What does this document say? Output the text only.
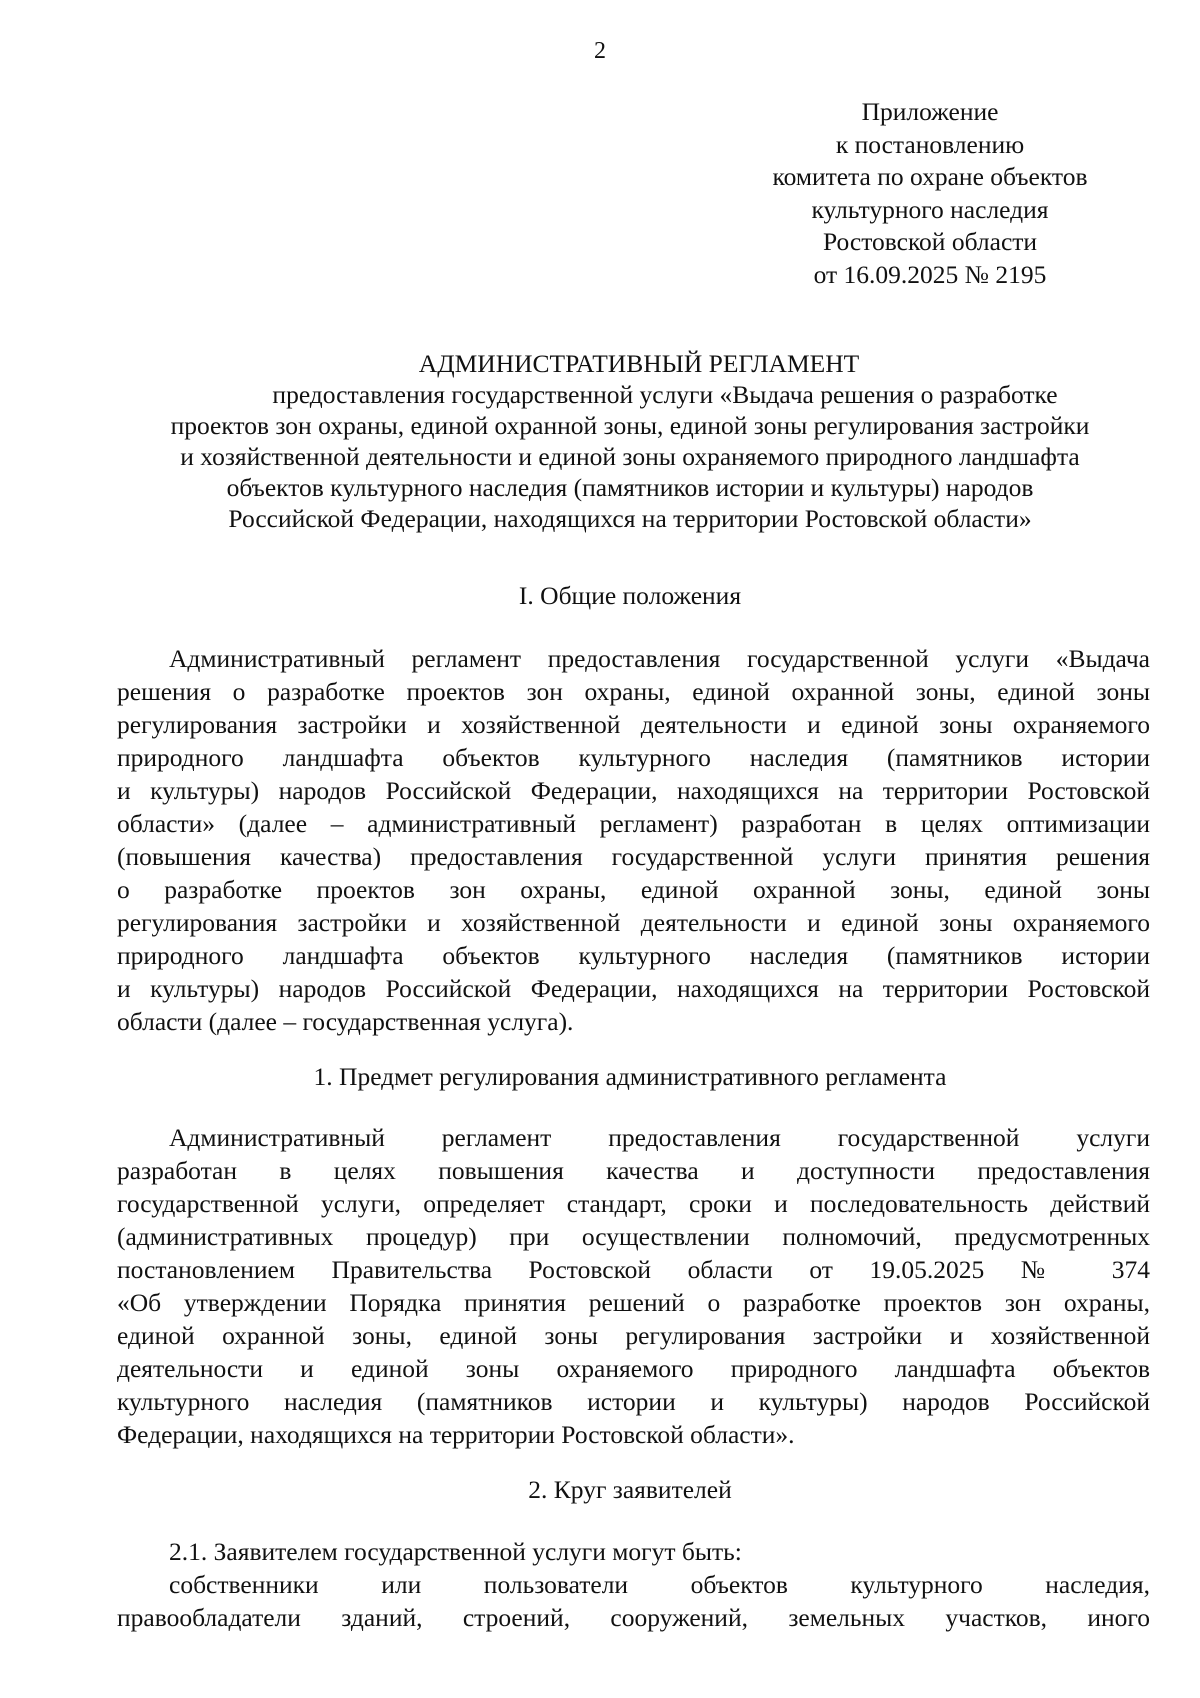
2
Приложение
к постановлению
комитета по охране объектов
культурного наследия
Ростовской области
от 16.09.2025 № 2195
АДМИНИСТРАТИВНЫЙ РЕГЛАМЕНТ
предоставления государственной услуги «Выдача решения о разработке
проектов зон охраны, единой охранной зоны, единой зоны регулирования застройки
и хозяйственной деятельности и единой зоны охраняемого природного ландшафта
объектов культурного наследия (памятников истории и культуры) народов
Российской Федерации, находящихся на территории Ростовской области»
I. Общие положения
Административный регламент предоставления государственной услуги «Выдача
решения о разработке проектов зон охраны, единой охранной зоны, единой зоны
регулирования застройки и хозяйственной деятельности и единой зоны охраняемого
природного ландшафта объектов культурного наследия (памятников истории
и культуры) народов Российской Федерации, находящихся на территории Ростовской
области» (далее – административный регламент) разработан в целях оптимизации
(повышения качества) предоставления государственной услуги принятия решения
о разработке проектов зон охраны, единой охранной зоны, единой зоны
регулирования застройки и хозяйственной деятельности и единой зоны охраняемого
природного ландшафта объектов культурного наследия (памятников истории
и культуры) народов Российской Федерации, находящихся на территории Ростовской
области (далее – государственная услуга).
1. Предмет регулирования административного регламента
Административный регламент предоставления государственной услуги
разработан в целях повышения качества и доступности предоставления
государственной услуги, определяет стандарт, сроки и последовательность действий
(административных процедур) при осуществлении полномочий, предусмотренных
постановлением Правительства Ростовской области от 19.05.2025 № 374
«Об утверждении Порядка принятия решений о разработке проектов зон охраны,
единой охранной зоны, единой зоны регулирования застройки и хозяйственной
деятельности и единой зоны охраняемого природного ландшафта объектов
культурного наследия (памятников истории и культуры) народов Российской
Федерации, находящихся на территории Ростовской области».
2. Круг заявителей
2.1. Заявителем государственной услуги могут быть:
собственники или пользователи объектов культурного наследия,
правообладатели зданий, строений, сооружений, земельных участков, иного
